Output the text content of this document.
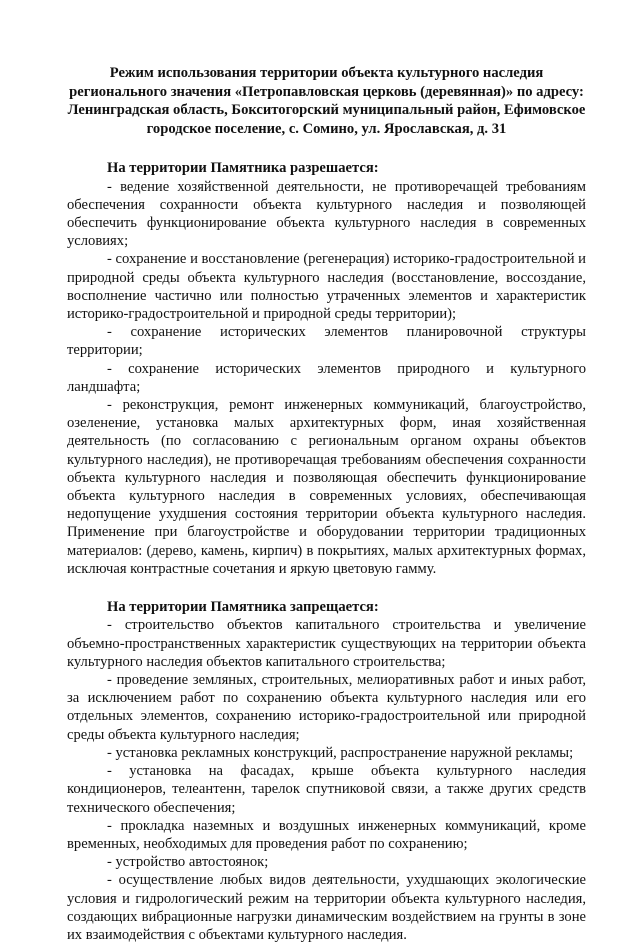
Режим использования территории объекта культурного наследия регионального значения «Петропавловская церковь (деревянная)» по адресу: Ленинградская область, Бокситогорский муниципальный район, Ефимовское городское поселение, с. Сомино, ул. Ярославская, д. 31

На территории Памятника разрешается:

- ведение хозяйственной деятельности, не противоречащей требованиям обеспечения сохранности объекта культурного наследия и позволяющей обеспечить функционирование объекта культурного наследия в современных условиях;

- сохранение и восстановление (регенерация) историко-градостроительной и природной среды объекта культурного наследия (восстановление, воссоздание, восполнение частично или полностью утраченных элементов и характеристик историко-градостроительной и природной среды территории);

- сохранение исторических элементов планировочной структуры территории;

- сохранение исторических элементов природного и культурного ландшафта;

- реконструкция, ремонт инженерных коммуникаций, благоустройство, озеленение, установка малых архитектурных форм, иная хозяйственная деятельность (по согласованию с региональным органом охраны объектов культурного наследия), не противоречащая требованиям обеспечения сохранности объекта культурного наследия и позволяющая обеспечить функционирование объекта культурного наследия в современных условиях, обеспечивающая недопущение ухудшения состояния территории объекта культурного наследия. Применение при благоустройстве и оборудовании территории традиционных материалов: (дерево, камень, кирпич) в покрытиях, малых архитектурных формах, исключая контрастные сочетания и яркую цветовую гамму.

На территории Памятника запрещается:

- строительство объектов капитального строительства и увеличение объемно-пространственных характеристик существующих на территории объекта культурного наследия объектов капитального строительства;

- проведение земляных, строительных, мелиоративных работ и иных работ, за исключением работ по сохранению объекта культурного наследия или его отдельных элементов, сохранению историко-градостроительной или природной среды объекта культурного наследия;

- установка рекламных конструкций, распространение наружной рекламы;

- установка на фасадах, крыше объекта культурного наследия кондиционеров, телеантенн, тарелок спутниковой связи, а также других средств технического обеспечения;

- прокладка наземных и воздушных инженерных коммуникаций, кроме временных, необходимых для проведения работ по сохранению;

- устройство автостоянок;

- осуществление любых видов деятельности, ухудшающих экологические условия и гидрологический режим на территории объекта культурного наследия, создающих вибрационные нагрузки динамическим воздействием на грунты в зоне их взаимодействия с объектами культурного наследия.
